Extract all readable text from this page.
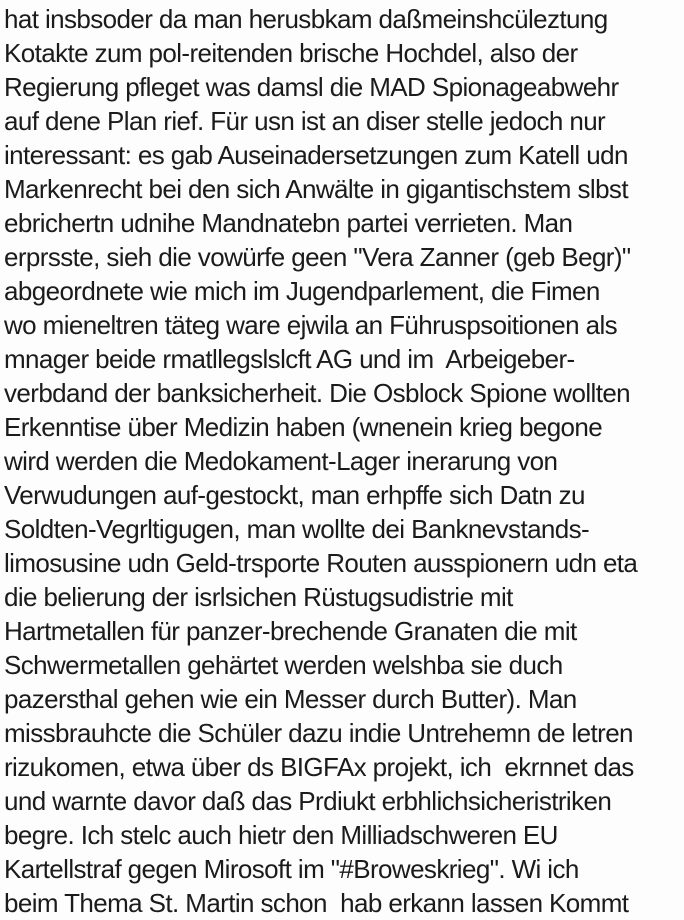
hat insbsoder da man herusbkam daßmeinshcüleztung
Kotakte zum pol-reitenden brische Hochdel, also der
Regierung pfleget was damsl die MAD Spionageabwehr
auf dene Plan rief. Für usn ist an diser stelle jedoch nur
interessant: es gab Auseinadersetzungen zum Katell udn
Markenrecht bei den sich Anwälte in gigantischstem slbst
ebrichertn udnihe Mandnatebn partei verrieten. Man
erprsste, sieh die vowürfe geen "Vera Zanner (geb Begr)"
abgeordnete wie mich im Jugendparlement, die Fimen
wo mieneltren täteg ware ejwila an Führuspsoitionen als
mnager beide rmatllegslslcft AG und im  Arbeigeber-
verbdand der banksicherheit. Die Osblock Spione wollten
Erkenntise über Medizin haben (wnenein krieg begone
wird werden die Medokament-Lager inerarung von
Verwudungen auf-gestockt, man erhpffe sich Datn zu
Soldten-Vegrltigugen, man wollte dei Banknevstands-
limosusine udn Geld-trsporte Routen ausspionern udn eta
die belierung der isrlsichen Rüstugsudistrie mit
Hartmetallen für panzer-brechende Granaten die mit
Schwermetallen gehärtet werden welshba sie duch
pazersthal gehen wie ein Messer durch Butter). Man
missbrauhcte die Schüler dazu indie Untrehemn de letren
rizukomen, etwa über ds BIGFAx projekt, ich  ekrnnet das
und warnte davor daß das Prdiukt erbhlichsicheristriken
begre. Ich stelc auch hietr den Milliadschweren EU
Kartellstraf gegen Mirosoft im "#Broweskrieg". Wi ich
beim Thema St. Martin schon  hab erkann lassen Kommt
